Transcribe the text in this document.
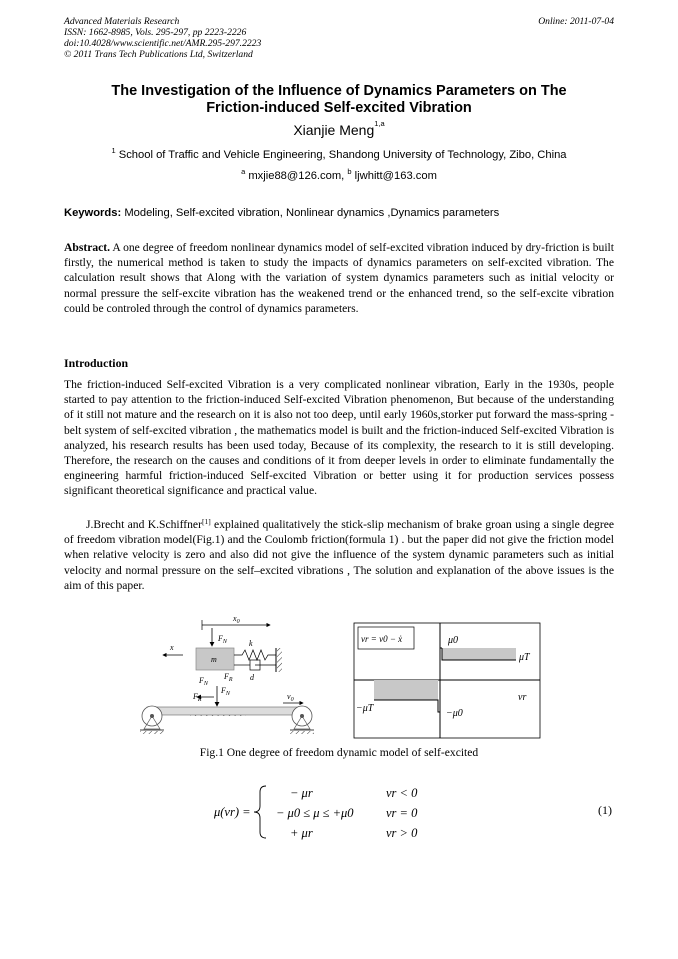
Advanced Materials Research
ISSN: 1662-8985, Vols. 295-297, pp 2223-2226
doi:10.4028/www.scientific.net/AMR.295-297.2223
© 2011 Trans Tech Publications Ltd, Switzerland
Online: 2011-07-04
The Investigation of the Influence of Dynamics Parameters on The
Friction-induced Self-excited Vibration
Xianjie Meng$^{1,a}$
$^1$ School of Traffic and Vehicle Engineering, Shandong University of Technology, Zibo, China
$^a$ mxjie88@126.com, $^b$ ljwhitt@163.com
Keywords: Modeling, Self-excited vibration, Nonlinear dynamics ,Dynamics parameters
Abstract. A one degree of freedom nonlinear dynamics model of self-excited vibration induced by dry-friction is built firstly, the numerical method is taken to study the impacts of dynamics parameters on self-excited vibration. The calculation result shows that Along with the variation of system dynamics parameters such as initial velocity or normal pressure the self-excite vibration has the weakened trend or the enhanced trend, so the self-excite vibration could be controled through the control of dynamics parameters.
Introduction
The friction-induced Self-excited Vibration is a very complicated nonlinear vibration, Early in the 1930s, people started to pay attention to the friction-induced Self-excited Vibration phenomenon, But because of the understanding of it still not mature and the research on it is also not too deep, until early 1960s,storker put forward the mass-spring - belt system of self-excited vibration , the mathematics model is built and the friction-induced Self-excited Vibration is analyzed, his research results has been used today, Because of its complexity, the research to it is still developing. Therefore, the research on the causes and conditions of it from deeper levels in order to eliminate fundamentally the engineering harmful friction-induced Self-excited Vibration or better using it for production services possess significant theoretical significance and practical value.
J.Brecht and K.Schiffner[1] explained qualitatively the stick-slip mechanism of brake groan using a single degree of freedom vibration model(Fig.1) and the Coulomb friction(formula 1) . but the paper did not give the friction model when relative velocity is zero and also did not give the influence of the system dynamic parameters such as initial velocity and normal pressure on the self–excited vibrations , The solution and explanation of the above issues is the aim of this paper.
$x_0$
$F_N$
m
k
d
x
$F_N$
$F_R$
$F_R$
$F_N$	$v_0$
vr = v0 − ẋ	μ0
μT
−μT	−μ0
vr
Fig.1 One degree of freedom dynamic model of self-excited
μ(vr) =
− μr
− μ0 ≤ μ ≤ +μ0
+ μr
vr < 0
vr = 0
vr > 0
(1)
